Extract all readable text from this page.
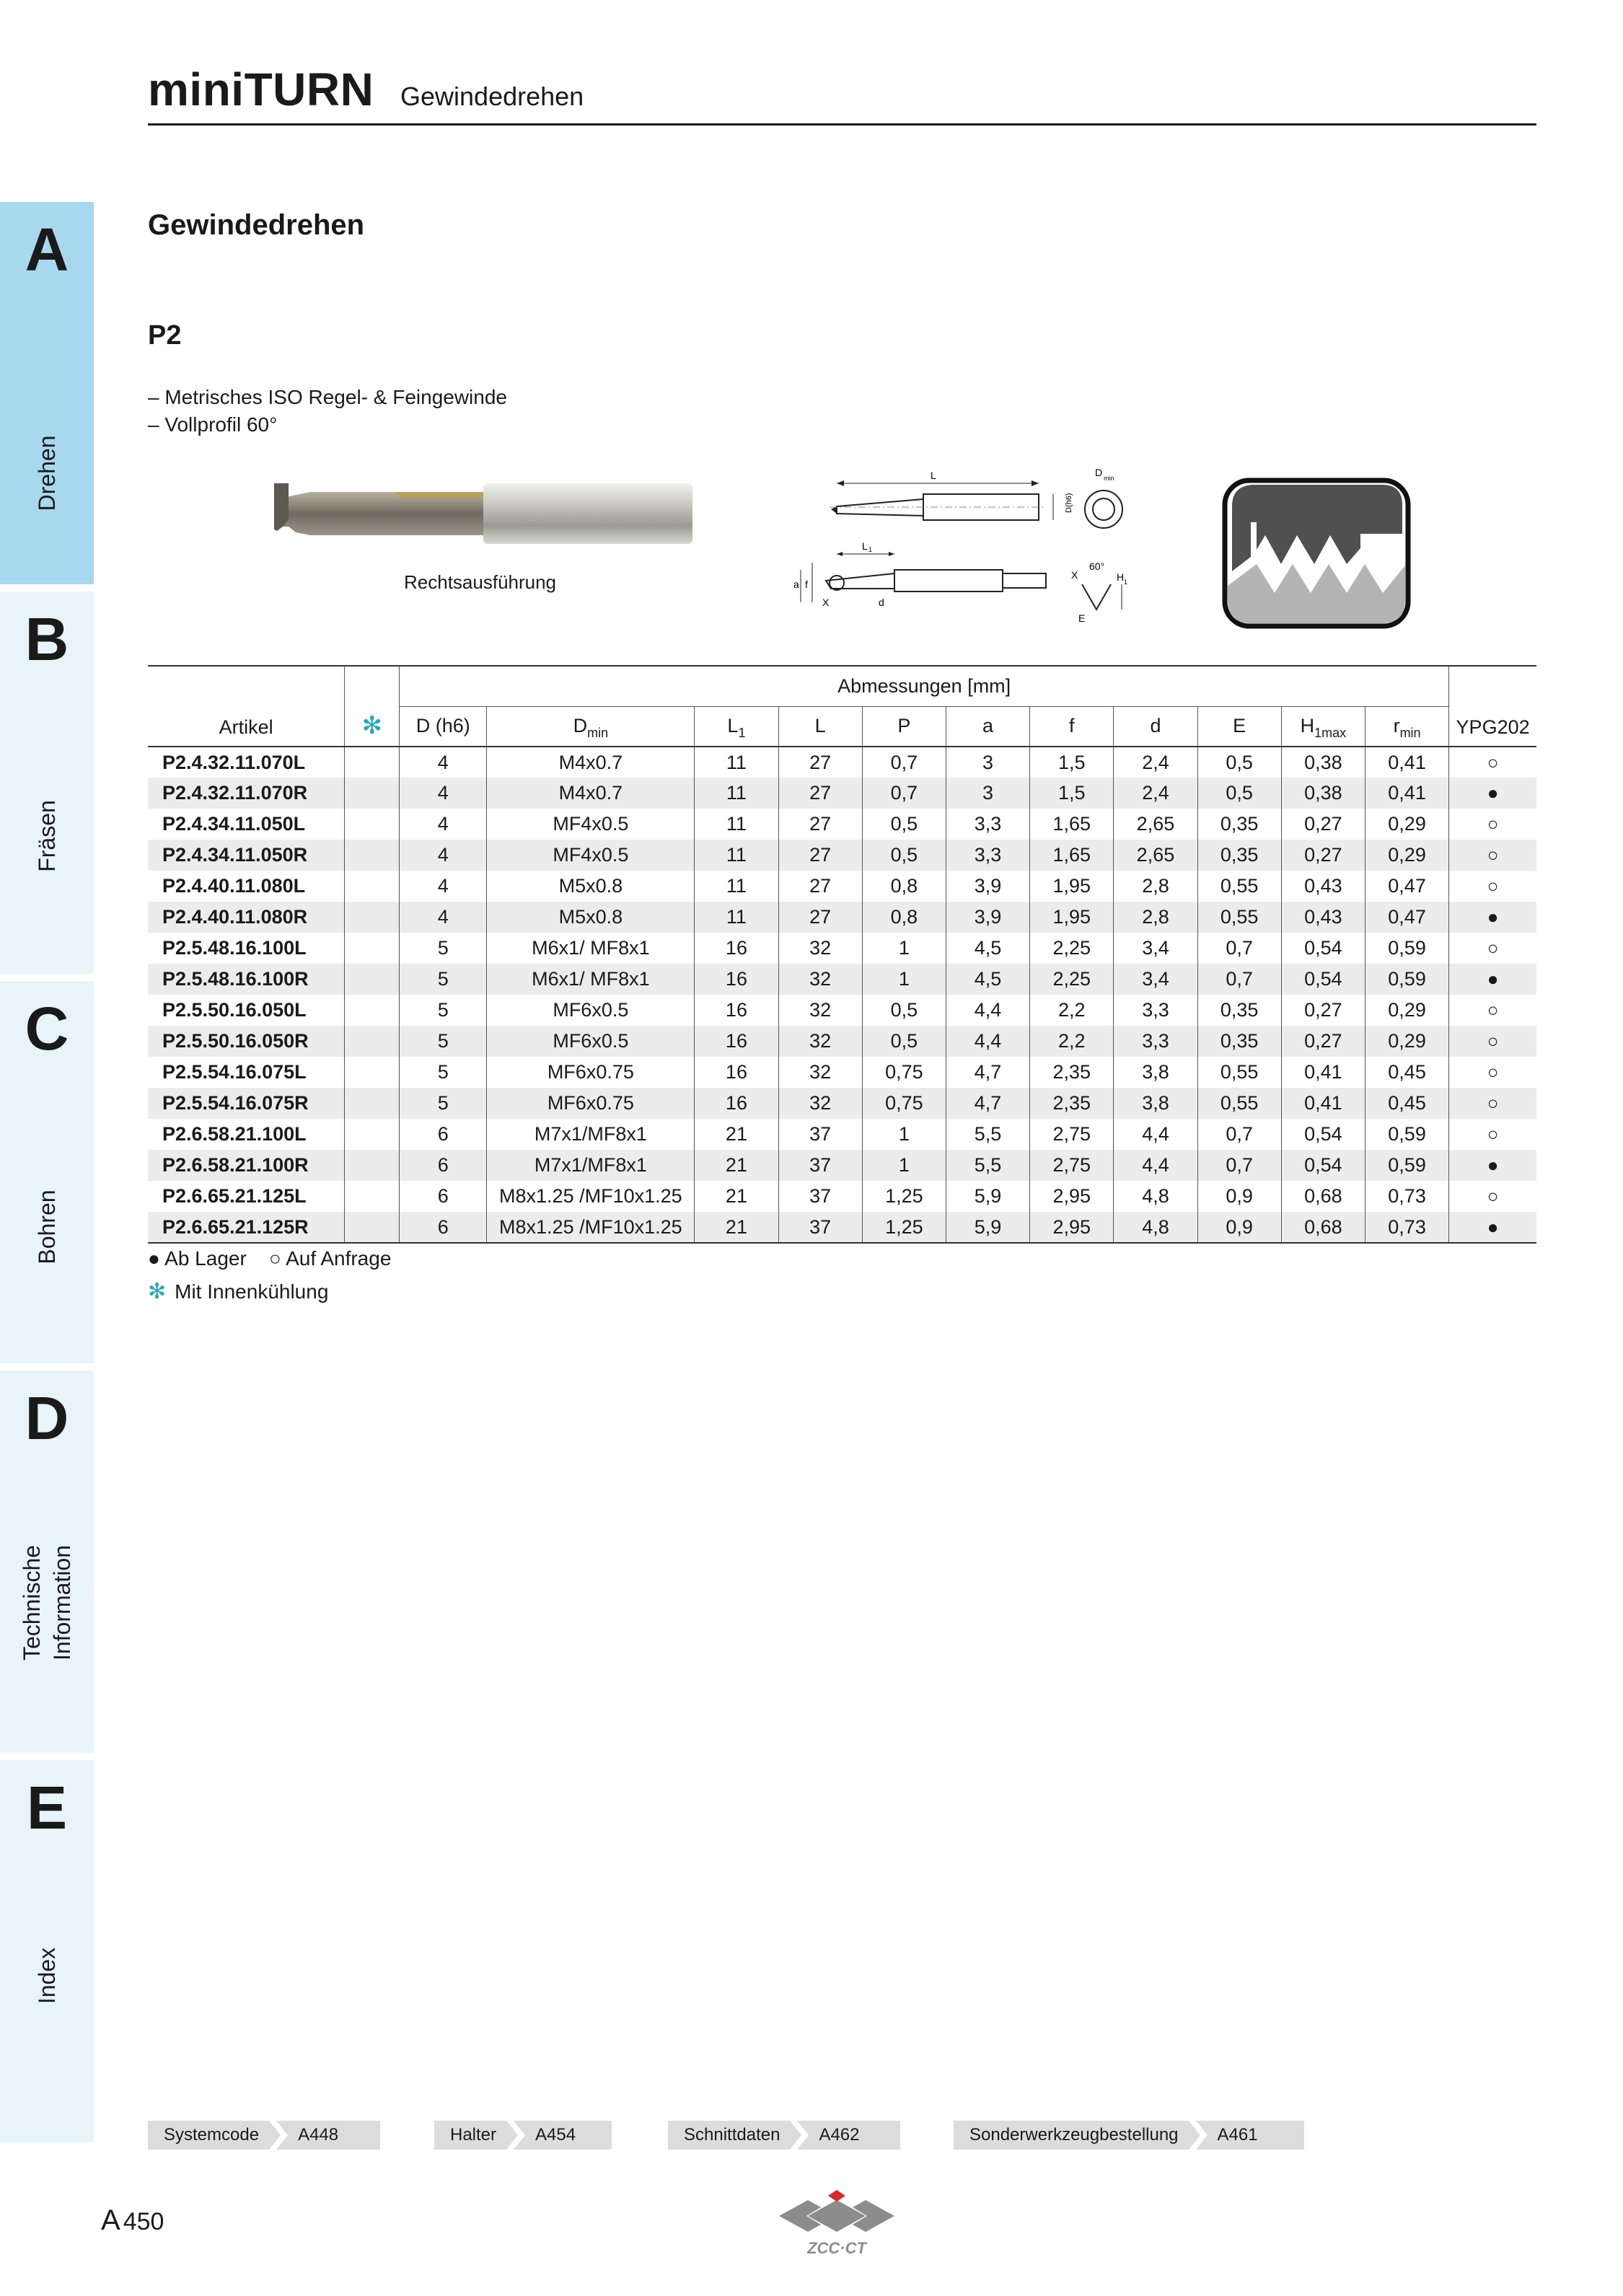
miniTURN Gewindedrehen
A
Drehen
B
Fräsen
C
Bohren
D
Technische Information
E
Index
Gewindedrehen
P2
– Metrisches ISO Regel- & Feingewinde
– Vollprofil 60°
Rechtsausführung
L
D(h6)
D min
L 1
a f
X	d
X
60°
H 1
E
Artikel	✻	Abmessungen [mm]											YPG202
		D (h6)	$D_{min}$	$L_1$	L	P	a	f	d	E	$H_{1max}$	$r_{min}$
P2.4.32.11.070L		4	M4x0.7	11	27	0,7	3	1,5	2,4	0,5	0,38	0,41	○
P2.4.32.11.070R		4	M4x0.7	11	27	0,7	3	1,5	2,4	0,5	0,38	0,41	●
P2.4.34.11.050L		4	MF4x0.5	11	27	0,5	3,3	1,65	2,65	0,35	0,27	0,29	○
P2.4.34.11.050R		4	MF4x0.5	11	27	0,5	3,3	1,65	2,65	0,35	0,27	0,29	○
P2.4.40.11.080L		4	M5x0.8	11	27	0,8	3,9	1,95	2,8	0,55	0,43	0,47	○
P2.4.40.11.080R		4	M5x0.8	11	27	0,8	3,9	1,95	2,8	0,55	0,43	0,47	●
P2.5.48.16.100L		5	M6x1/ MF8x1	16	32	1	4,5	2,25	3,4	0,7	0,54	0,59	○
P2.5.48.16.100R		5	M6x1/ MF8x1	16	32	1	4,5	2,25	3,4	0,7	0,54	0,59	●
P2.5.50.16.050L		5	MF6x0.5	16	32	0,5	4,4	2,2	3,3	0,35	0,27	0,29	○
P2.5.50.16.050R		5	MF6x0.5	16	32	0,5	4,4	2,2	3,3	0,35	0,27	0,29	○
P2.5.54.16.075L		5	MF6x0.75	16	32	0,75	4,7	2,35	3,8	0,55	0,41	0,45	○
P2.5.54.16.075R		5	MF6x0.75	16	32	0,75	4,7	2,35	3,8	0,55	0,41	0,45	○
P2.6.58.21.100L		6	M7x1/MF8x1	21	37	1	5,5	2,75	4,4	0,7	0,54	0,59	○
P2.6.58.21.100R		6	M7x1/MF8x1	21	37	1	5,5	2,75	4,4	0,7	0,54	0,59	●
P2.6.65.21.125L		6	M8x1.25 /MF10x1.25	21	37	1,25	5,9	2,95	4,8	0,9	0,68	0,73	○
P2.6.65.21.125R		6	M8x1.25 /MF10x1.25	21	37	1,25	5,9	2,95	4,8	0,9	0,68	0,73	●
● Ab Lager ○ Auf Anfrage
✻ Mit Innenkühlung
Systemcode A448	Halter A454	Schnittdaten A462	Sonderwerkzeugbestellung A461
A 450
ZCC·CT
